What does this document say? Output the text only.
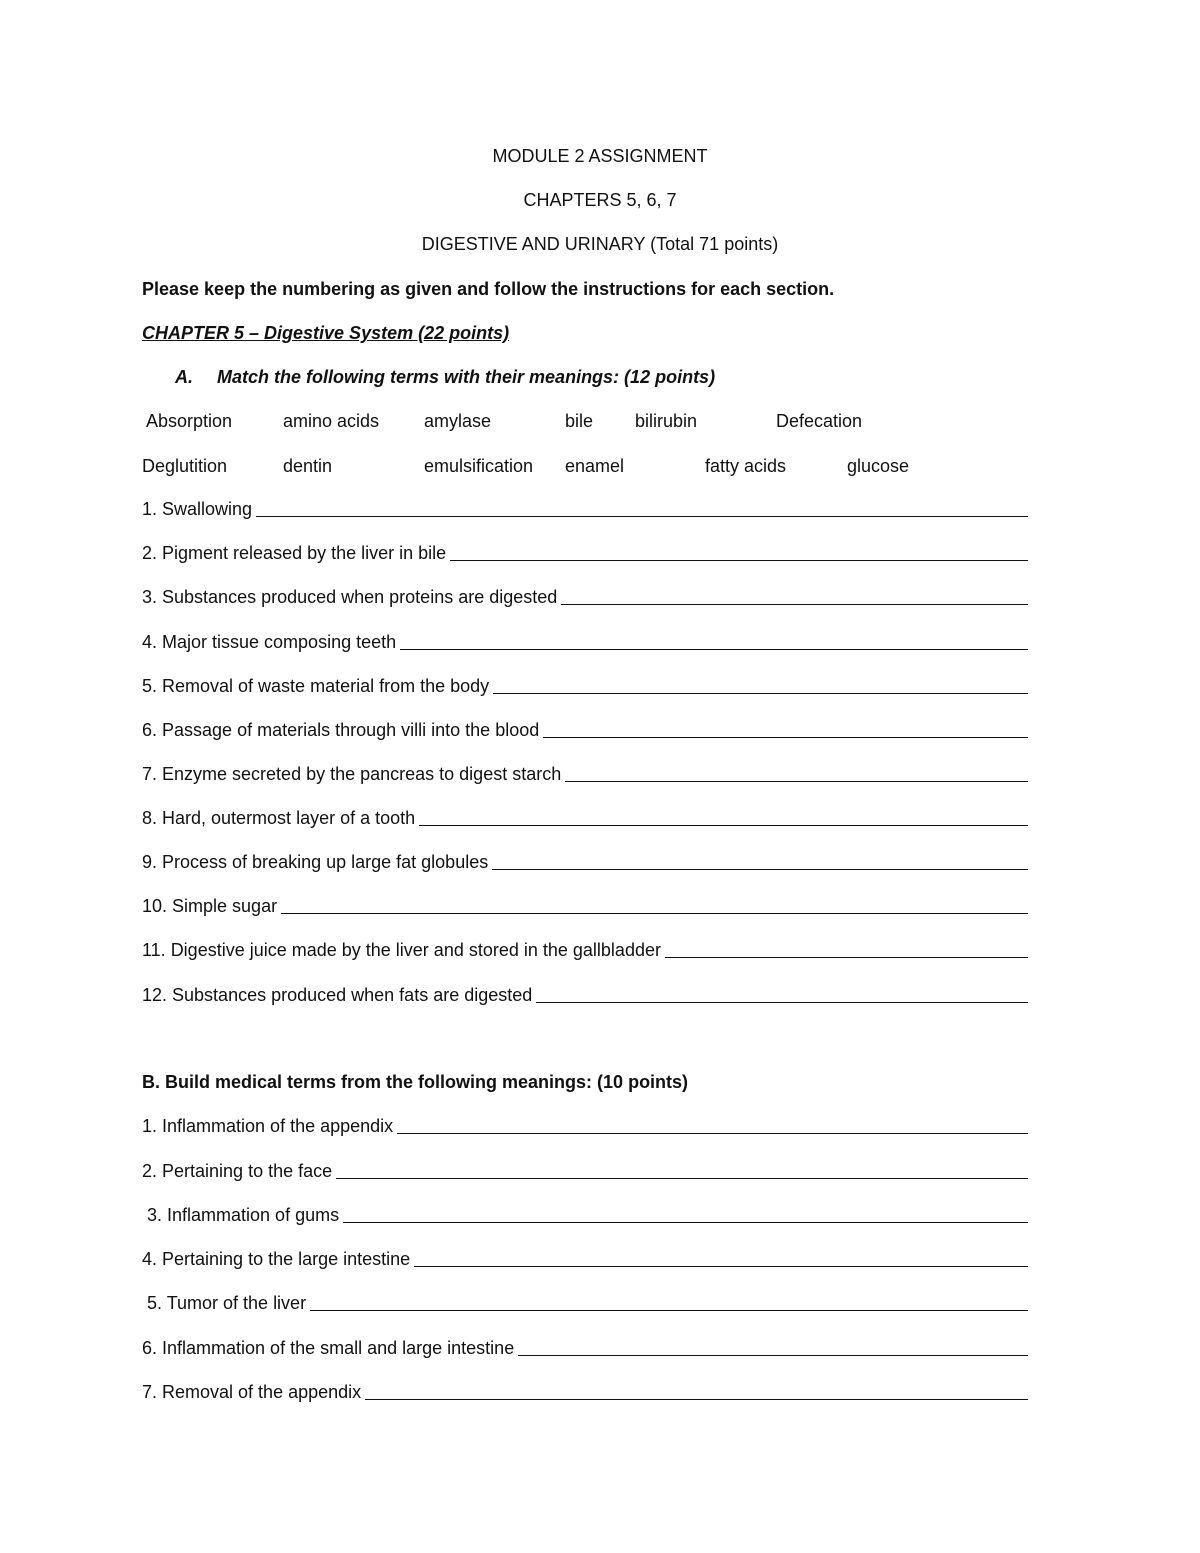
MODULE 2 ASSIGNMENT
CHAPTERS 5, 6, 7
DIGESTIVE AND URINARY (Total 71 points)
Please keep the numbering as given and follow the instructions for each section.
CHAPTER 5 – Digestive System (22 points)
A. Match the following terms with their meanings: (12 points)
Absorption	amino acids amylase	bile bilirubin	Defecation
Deglutition	dentin	emulsification enamel	fatty acids	glucose
1. Swallowing
2. Pigment released by the liver in bile
3. Substances produced when proteins are digested
4. Major tissue composing teeth
5. Removal of waste material from the body
6. Passage of materials through villi into the blood
7. Enzyme secreted by the pancreas to digest starch
8. Hard, outermost layer of a tooth
9. Process of breaking up large fat globules
10. Simple sugar
11. Digestive juice made by the liver and stored in the gallbladder
12. Substances produced when fats are digested
B. Build medical terms from the following meanings: (10 points)
1. Inflammation of the appendix
2. Pertaining to the face
3. Inflammation of gums
4. Pertaining to the large intestine
5. Tumor of the liver
6. Inflammation of the small and large intestine
7. Removal of the appendix
